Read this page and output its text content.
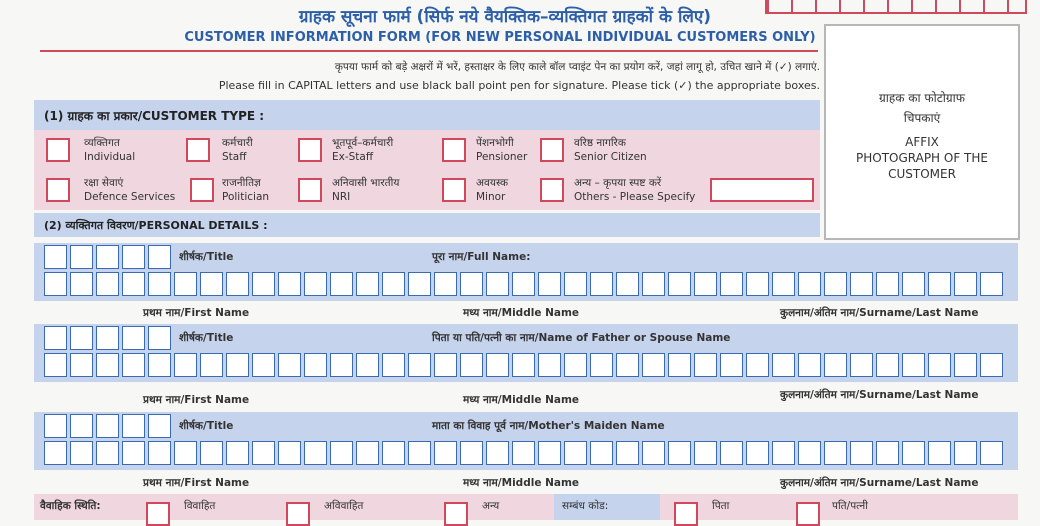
ग्राहक सूचना फार्म (सिर्फ नये वैयक्तिक–व्यक्तिगत ग्राहकों के लिए)
CUSTOMER INFORMATION FORM (FOR NEW PERSONAL INDIVIDUAL CUSTOMERS ONLY)
कृपया फार्म को बड़े अक्षरों में भरें, हस्ताक्षर के लिए काले बॉल प्वाइंट पेन का प्रयोग करें, जहां लागू हो, उचित खाने में (✓) लगाएं.
Please fill in CAPITAL letters and use black ball point pen for signature. Please tick (✓) the appropriate boxes.
ग्राहक का फोटोग्राफ
चिपकाएं
AFFIX
PHOTOGRAPH OF THE
CUSTOMER
(1) ग्राहक का प्रकार/CUSTOMER TYPE :
व्यक्तिगत
Individual
कर्मचारी
Staff
भूतपूर्व–कर्मचारी
Ex-Staff
पेंशनभोगी
Pensioner
वरिष्ठ नागरिक
Senior Citizen
रक्षा सेवाएं
Defence Services
राजनीतिज्ञ
Politician
अनिवासी भारतीय
NRI
अवयस्क
Minor
अन्य – कृपया स्पष्ट करें
Others - Please Specify
(2) व्यक्तिगत विवरण/PERSONAL DETAILS :
शीर्षक/Title	पूरा नाम/Full Name:
प्रथम नाम/First Name	मध्य नाम/Middle Name	कुलनाम/अंतिम नाम/Surname/Last Name
शीर्षक/Title	पिता या पति/पत्नी का नाम/Name of Father or Spouse Name
प्रथम नाम/First Name	मध्य नाम/Middle Name	कुलनाम/अंतिम नाम/Surname/Last Name
शीर्षक/Title	माता का विवाह पूर्व नाम/Mother's Maiden Name
प्रथम नाम/First Name	मध्य नाम/Middle Name	कुलनाम/अंतिम नाम/Surname/Last Name
वैवाहिक स्थिति:	विवाहित	अविवाहित	अन्य	सम्बंध कोड:	पिता	पति/पत्नी
